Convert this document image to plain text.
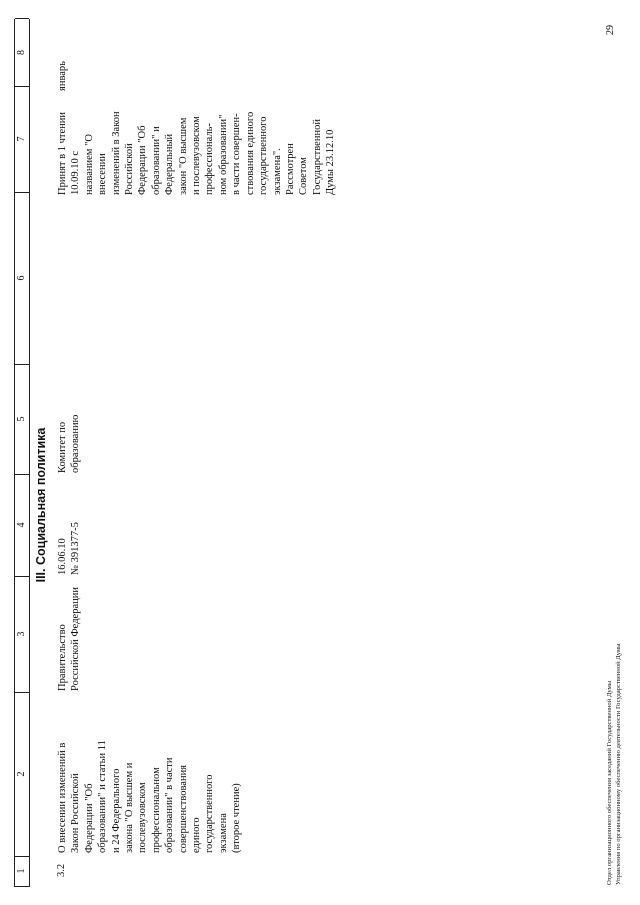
1
2
3
4
5
6
7
8
III. Социальная политика
3.2
О внесении изменений в
Закон Российской
Федерации "Об
образовании" и статьи 11
и 24 Федерального
закона "О высшем и
послевузовском
профессиональном
образовании" в части
совершенствования
единого
государственного
экзамена
(второе чтение)
Правительство
Российской Федерации
16.06.10
№ 391377-5
Комитет по
образованию
Принят в 1 чтении
10.09.10 с
названием "О
внесении
изменений в Закон
Российской
Федерации "Об
образовании" и
Федеральный
закон "О высшем
и послевузовском
профессиональ-
ном образовании"
в части совершен-
ствования единого
государственного
экзамена".
Рассмотрен
Советом
Государственной
Думы 23.12.10
январь
29
Отдел организационного обеспечения заседаний Государственной Думы Управления по организационному обеспечению деятельности Государственной Думы
